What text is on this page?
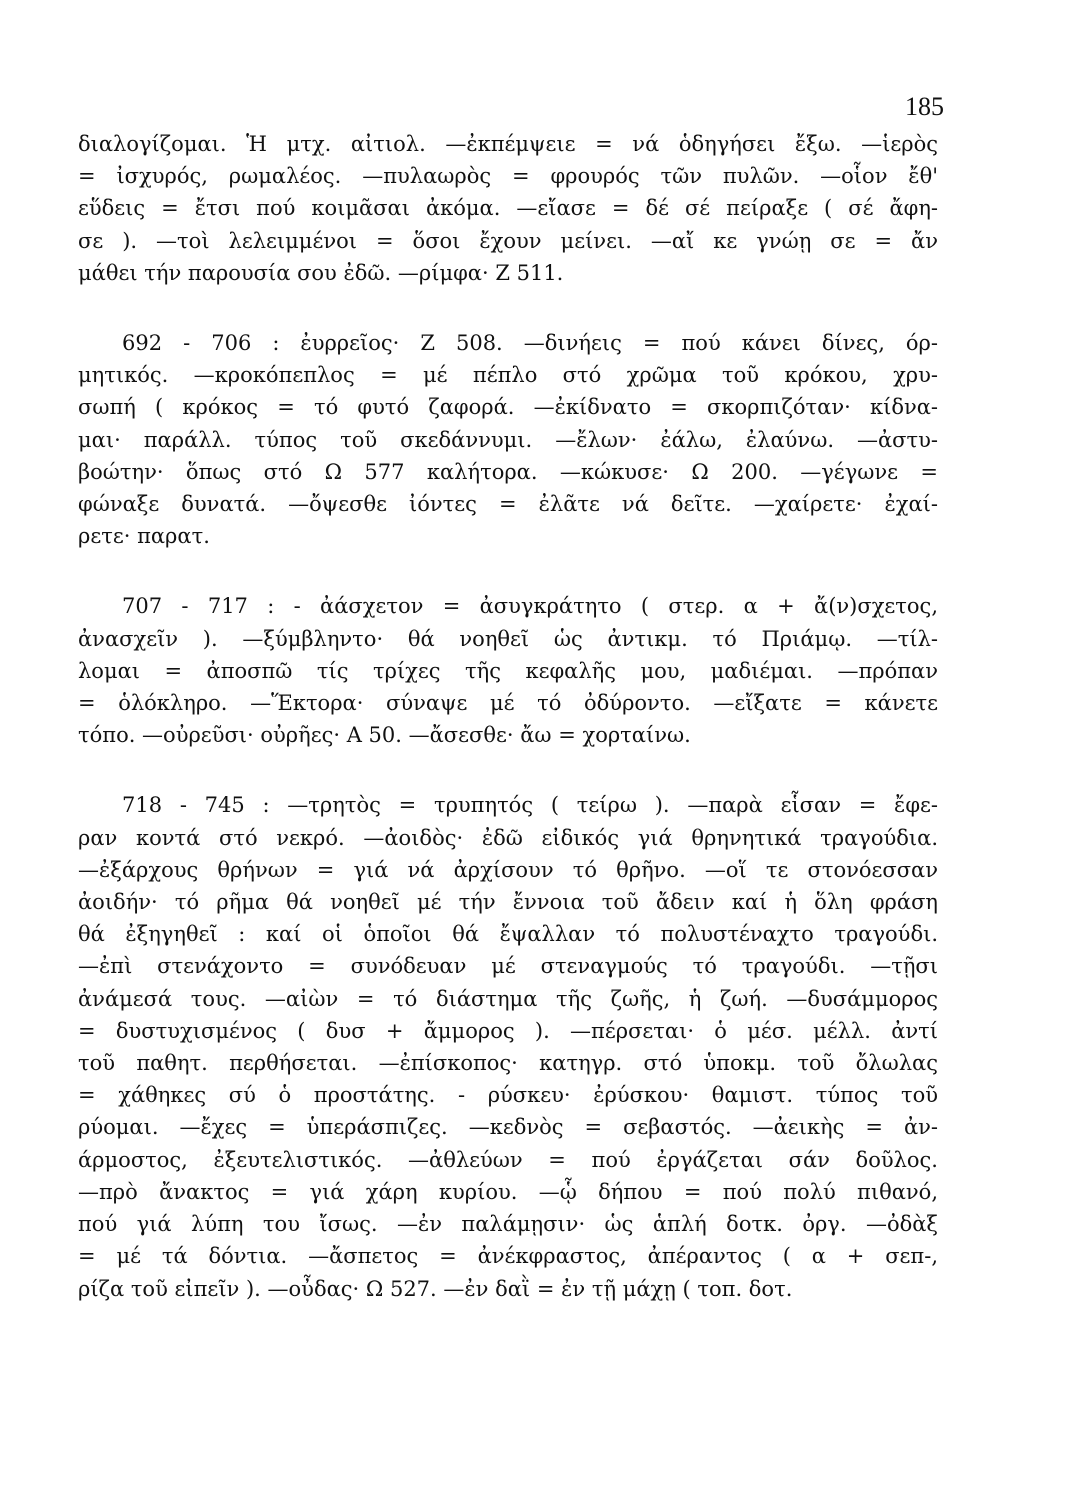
185
διαλογίζομαι. Ἡ μτχ. αἰτιολ. —ἐκπέμψειε = νά ὁδηγήσει ἔξω. —ἱερὸς
= ἰσχυρός, ρωμαλέος. —πυλαωρὸς = φρουρός τῶν πυλῶν. —οἷον ἔθ'
εὕδεις = ἔτσι πού κοιμᾶσαι ἀκόμα. —εἴασε = δέ σέ πείραξε ( σέ ἄφη-
σε ). —τοὶ λελειμμένοι = ὅσοι ἔχουν μείνει. —αἴ κε γνώῃ σε = ἄν
μάθει τήν παρουσία σου ἐδῶ. —ρίμφα· Ζ 511.
692 - 706 : ἐυρρεῖος· Ζ 508. —δινήεις = πού κάνει δίνες, όρ-
μητικός. —κροκόπεπλος = μέ πέπλο στό χρῶμα τοῦ κρόκου, χρυ-
σωπή ( κρόκος = τό φυτό ζαφορά. —ἐκίδνατο = σκορπιζόταν· κίδνα-
μαι· παράλλ. τύπος τοῦ σκεδάννυμι. —ἔλων· ἐάλω, ἐλαύνω. —ἀστυ-
βοώτην· ὅπως στό Ω 577 καλήτορα. —κώκυσε· Ω 200. —γέγωνε =
φώναξε δυνατά. —ὄψεσθε ἰόντες = ἐλᾶτε νά δεῖτε. —χαίρετε· ἐχαί-
ρετε· παρατ.
707 - 717 : - ἀάσχετον = ἀσυγκράτητο ( στερ. α + ἄ(ν)σχετος,
ἀνασχεῖν ). —ξύμβληντο· θά νοηθεῖ ὡς ἀντικμ. τό Πριάμῳ. —τίλ-
λομαι = ἀποσπῶ τίς τρίχες τῆς κεφαλῆς μου, μαδιέμαι. —πρόπαν
= ὁλόκληρο. —Ἕκτορα· σύναψε μέ τό ὀδύροντο. —εἴξατε = κάνετε
τόπο. —οὐρεῦσι· οὐρῆες· Α 50. —ἄσεσθε· ἄω = χορταίνω.
718 - 745 : —τρητὸς = τρυπητός ( τείρω ). —παρὰ εἷσαν = ἔφε-
ραν κοντά στό νεκρό. —ἀοιδὸς· ἐδῶ εἰδικός γιά θρηνητικά τραγούδια.
—ἐξάρχους θρήνων = γιά νά ἀρχίσουν τό θρῆνο. —οἵ τε στονόεσσαν
ἀοιδήν· τό ρῆμα θά νοηθεῖ μέ τήν ἔννοια τοῦ ἄδειν καί ἡ ὅλη φράση
θά ἐξηγηθεῖ : καί οἱ ὁποῖοι θά ἔψαλλαν τό πολυστέναχτο τραγούδι.
—ἐπὶ στενάχοντο = συνόδευαν μέ στεναγμούς τό τραγούδι. —τῇσι
ἀνάμεσά τους. —αἰὼν = τό διάστημα τῆς ζωῆς, ἡ ζωή. —δυσάμμορος
= δυστυχισμένος ( δυσ + ἄμμορος ). —πέρσεται· ὁ μέσ. μέλλ. ἀντί
τοῦ παθητ. περθήσεται. —ἐπίσκοπος· κατηγρ. στό ὑποκμ. τοῦ ὄλωλας
= χάθηκες σύ ὁ προστάτης. - ρύσκευ· ἐρύσκου· θαμιστ. τύπος τοῦ
ρύομαι. —ἔχες = ὑπεράσπιζες. —κεδνὸς = σεβαστός. —ἀεικὴς = ἀν-
άρμοστος, ἐξευτελιστικός. —ἀθλεύων = πού ἐργάζεται σάν δοῦλος.
—πρὸ ἄνακτος = γιά χάρη κυρίου. —ᾧ δήπου = πού πολύ πιθανό,
πού γιά λύπη του ἴσως. —ἐν παλάμῃσιν· ὡς ἁπλή δοτκ. ὀργ. —ὀδὰξ
= μέ τά δόντια. —ἄσπετος = ἀνέκφραστος, ἀπέραντος ( α + σεπ-,
ρίζα τοῦ εἰπεῖν ). —οὖδας· Ω 527. —ἐν δαῒ = ἐν τῇ μάχῃ ( τοπ. δοτ.
